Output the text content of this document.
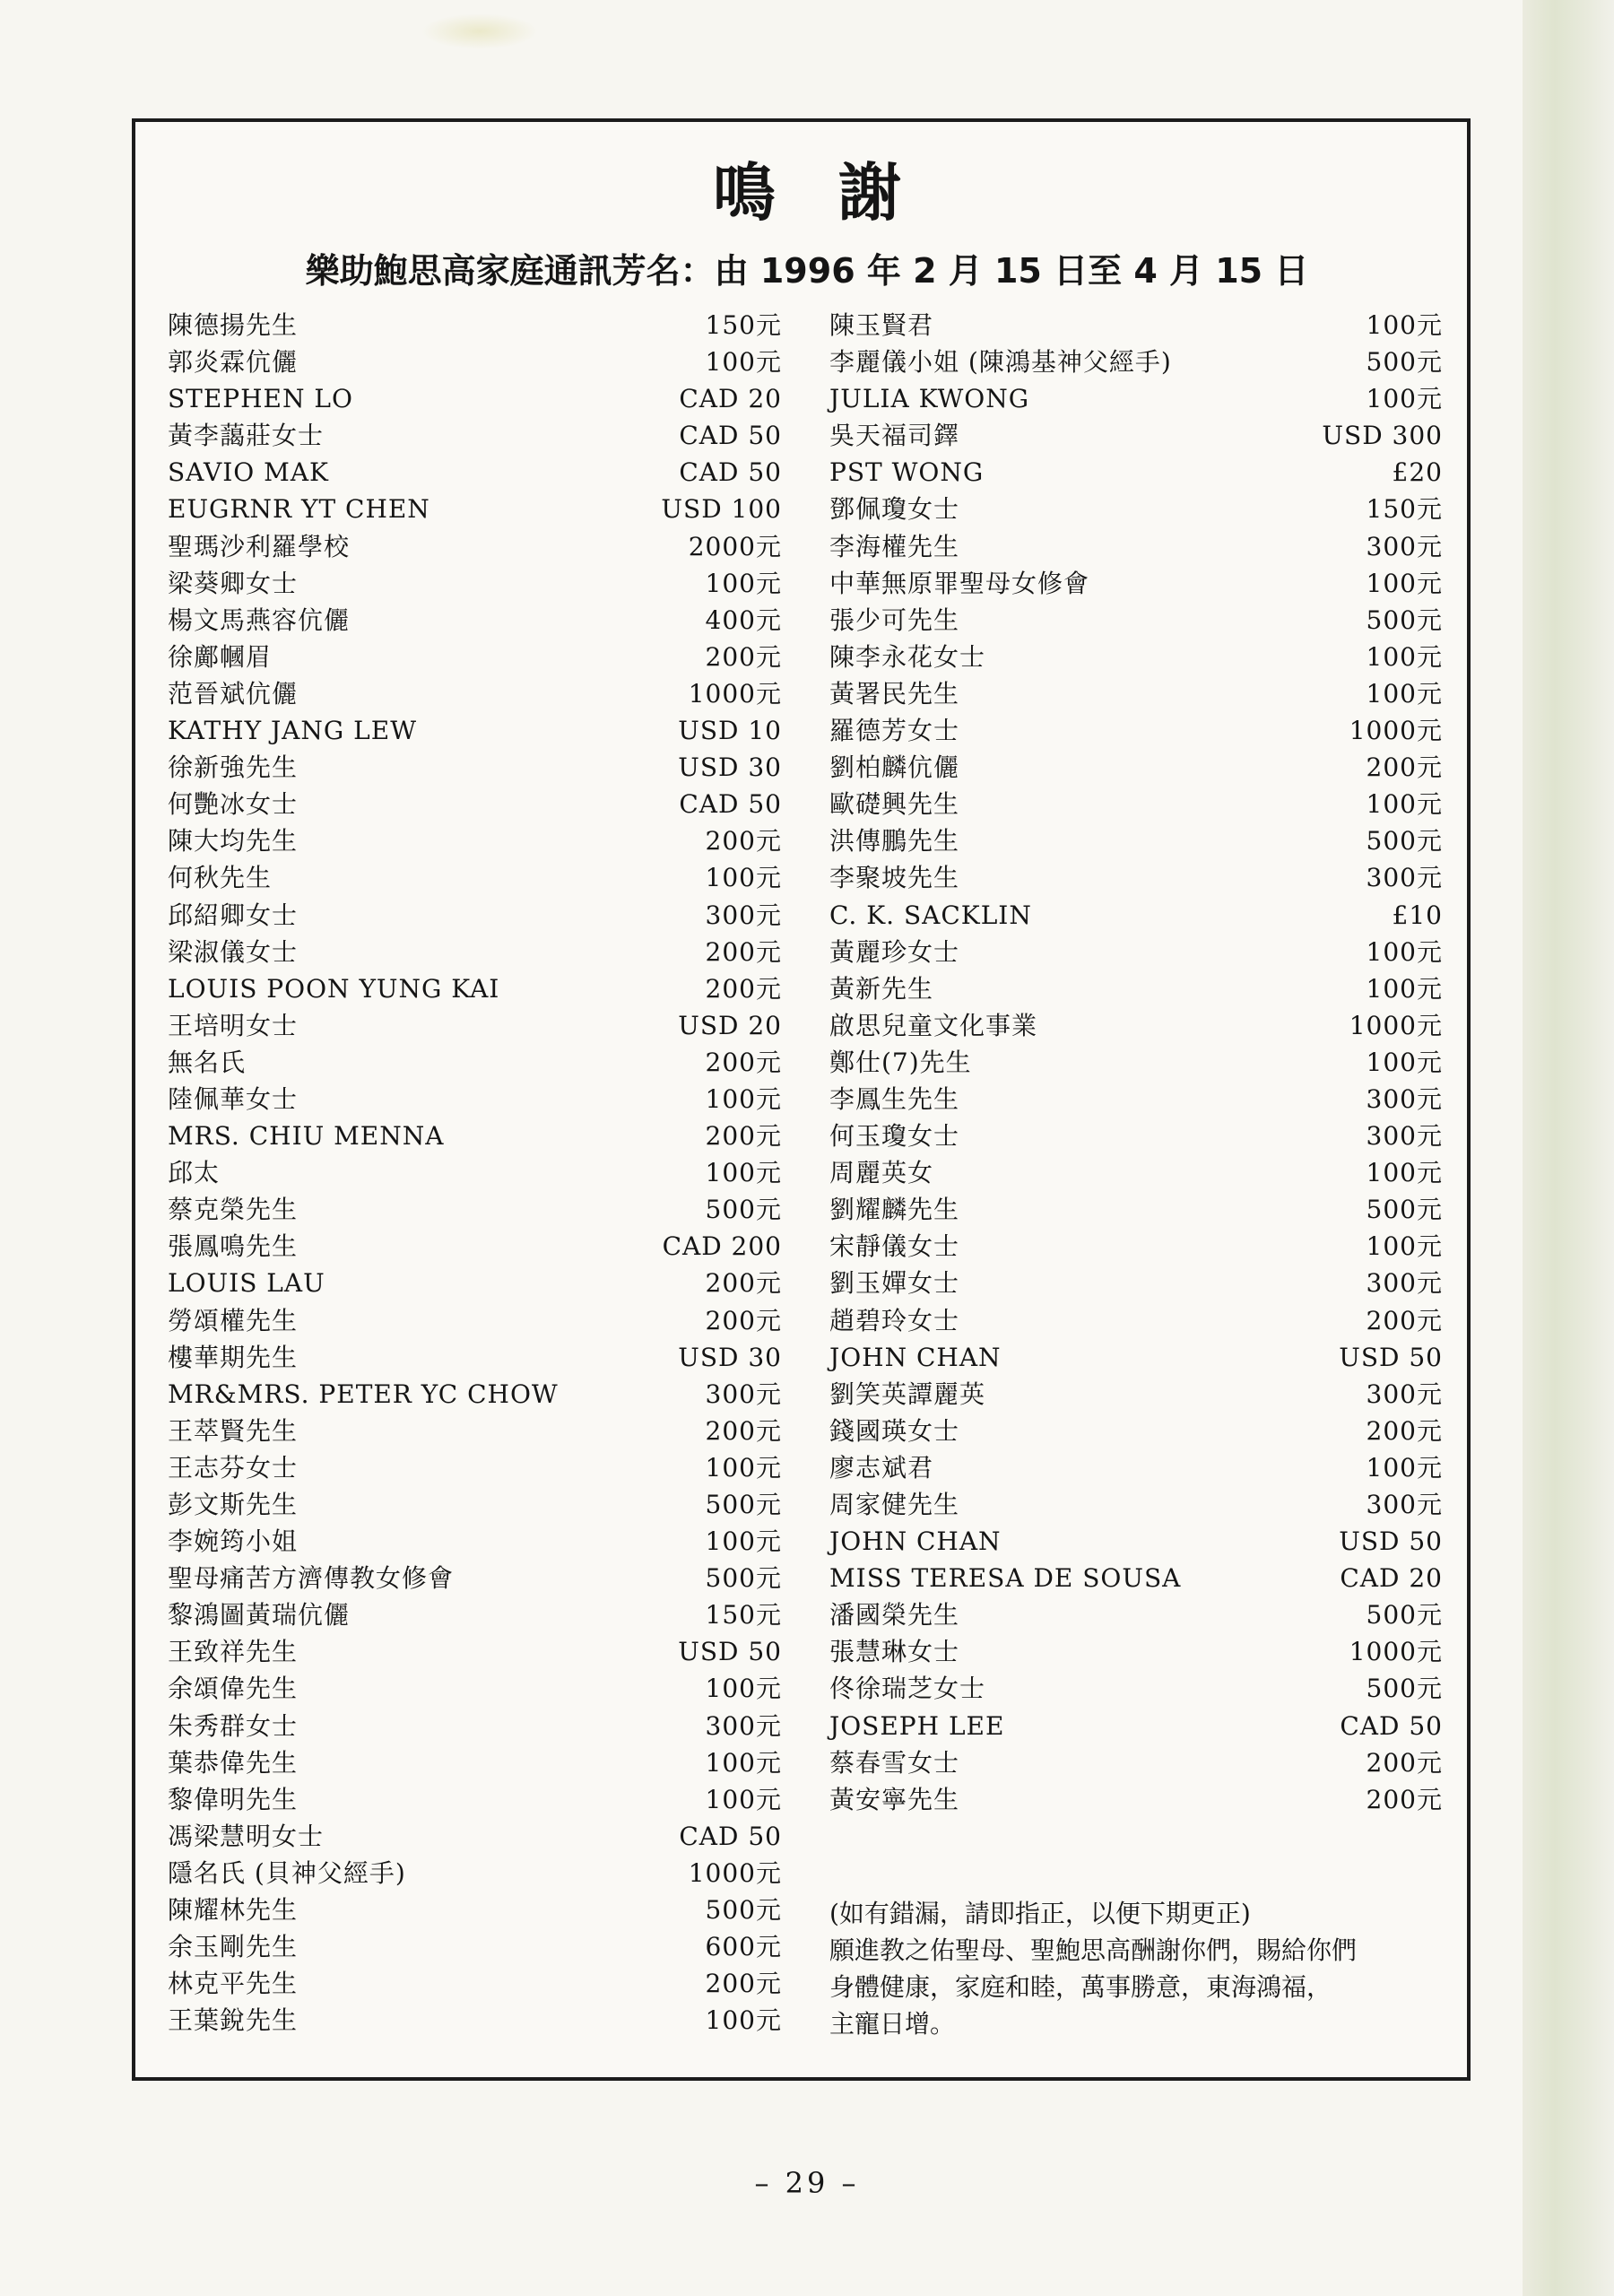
鳴謝
樂助鮑思高家庭通訊芳名：由 1996 年 2 月 15 日至 4 月 15 日
陳德揚先生	150元
郭炎霖伉儷	100元
STEPHEN LO	CAD 20
黃李藹莊女士	CAD 50
SAVIO MAK	CAD 50
EUGRNR YT CHEN	USD 100
聖瑪沙利羅學校	2000元
梁葵卿女士	100元
楊文馬燕容伉儷	400元
徐鄺幗眉	200元
范晉斌伉儷	1000元
KATHY JANG LEW	USD 10
徐新強先生	USD 30
何艷冰女士	CAD 50
陳大均先生	200元
何秋先生	100元
邱紹卿女士	300元
梁淑儀女士	200元
LOUIS POON YUNG KAI	200元
王培明女士	USD 20
無名氏	200元
陸佩華女士	100元
MRS. CHIU MENNA	200元
邱太	100元
蔡克榮先生	500元
張鳳鳴先生	CAD 200
LOUIS LAU	200元
勞頌權先生	200元
樓華期先生	USD 30
MR&MRS. PETER YC CHOW	300元
王萃賢先生	200元
王志芬女士	100元
彭文斯先生	500元
李婉筠小姐	100元
聖母痛苦方濟傳教女修會	500元
黎鴻圖黃瑞伉儷	150元
王致祥先生	USD 50
余頌偉先生	100元
朱秀群女士	300元
葉恭偉先生	100元
黎偉明先生	100元
馮梁慧明女士	CAD 50
隱名氏 (貝神父經手)	1000元
陳耀林先生	500元
余玉剛先生	600元
林克平先生	200元
王葉銳先生	100元
陳玉賢君	100元
李麗儀小姐 (陳鴻基神父經手)	500元
JULIA KWONG	100元
吳天福司鐸	USD 300
PST WONG	£20
鄧佩瓊女士	150元
李海權先生	300元
中華無原罪聖母女修會	100元
張少可先生	500元
陳李永花女士	100元
黃署民先生	100元
羅德芳女士	1000元
劉柏麟伉儷	200元
歐礎興先生	100元
洪傳鵬先生	500元
李聚坡先生	300元
C. K. SACKLIN	£10
黃麗珍女士	100元
黃新先生	100元
啟思兒童文化事業	1000元
鄭仕(7)先生	100元
李鳳生先生	300元
何玉瓊女士	300元
周麗英女	100元
劉耀麟先生	500元
宋靜儀女士	100元
劉玉嬋女士	300元
趙碧玲女士	200元
JOHN CHAN	USD 50
劉笑英譚麗英	300元
錢國瑛女士	200元
廖志斌君	100元
周家健先生	300元
JOHN CHAN	USD 50
MISS TERESA DE SOUSA	CAD 20
潘國榮先生	500元
張慧琳女士	1000元
佟徐瑞芝女士	500元
JOSEPH LEE	CAD 50
蔡春雪女士	200元
黃安寧先生	200元
(如有錯漏，請即指正，以便下期更正)
願進教之佑聖母、聖鮑思高酬謝你們，賜給你們
身體健康，家庭和睦，萬事勝意，東海鴻福，
主寵日增。
– 29 –
